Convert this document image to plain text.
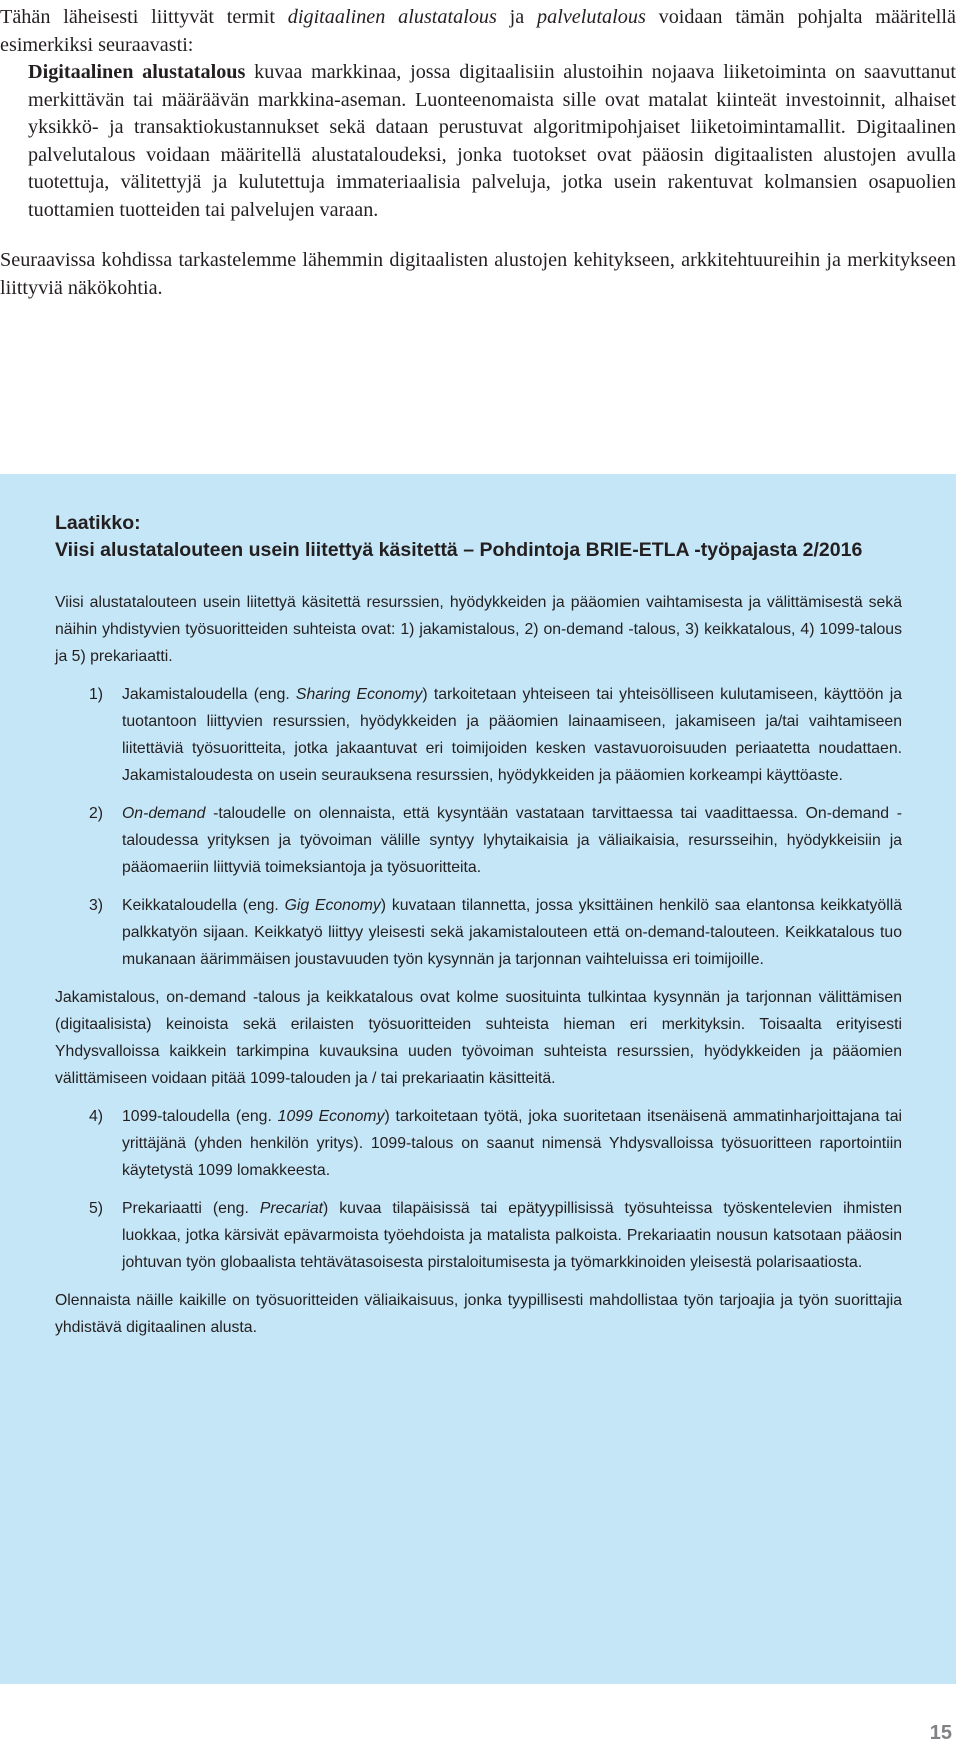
Tähän läheisesti liittyvät termit digitaalinen alustatalous ja palvelutalous voidaan tämän pohjalta määritellä esimerkiksi seuraavasti:

Digitaalinen alustatalous kuvaa markkinaa, jossa digitaalisiin alustoihin nojaava liiketoiminta on saavuttanut merkittävän tai määräävän markkina-aseman. Luonteenomaista sille ovat matalat kiinteät investoinnit, alhaiset yksikkö- ja transaktiokustannukset sekä dataan perustuvat algoritmipohjaiset liiketoimintamallit. Digitaalinen palvelutalous voidaan määritellä alustataloudeksi, jonka tuotokset ovat pääosin digitaalisten alustojen avulla tuotettuja, välitettyjä ja kulutettuja immateriaalisia palveluja, jotka usein rakentuvat kolmansien osapuolien tuottamien tuotteiden tai palvelujen varaan.

Seuraavissa kohdissa tarkastelemme lähemmin digitaalisten alustojen kehitykseen, arkkitehtuureihin ja merkitykseen liittyviä näkökohtia.

Laatikko:
Viisi alustatalouteen usein liitettyä käsitettä – Pohdintoja BRIE-ETLA -työpajasta 2/2016

Viisi alustatalouteen usein liitettyä käsitettä resurssien, hyödykkeiden ja pääomien vaihtamisesta ja välittämisestä sekä näihin yhdistyvien työsuoritteiden suhteista ovat: 1) jakamistalous, 2) on-demand -talous, 3) keikkatalous, 4) 1099-talous ja 5) prekariaatti.

1) Jakamistaloudella (eng. Sharing Economy) tarkoitetaan yhteiseen tai yhteisölliseen kulutamiseen, käyttöön ja tuotantoon liittyvien resurssien, hyödykkeiden ja pääomien lainaamiseen, jakamiseen ja/tai vaihtamiseen liitettäviä työsuoritteita, jotka jakaantuvat eri toimijoiden kesken vastavuoroisuuden periaatetta noudattaen. Jakamistaloudesta on usein seurauksena resurssien, hyödykkeiden ja pääomien korkeampi käyttöaste.
2) On-demand -taloudelle on olennaista, että kysyntään vastataan tarvittaessa tai vaadittaessa. On-demand -taloudessa yrityksen ja työvoiman välille syntyy lyhytaikaisia ja väliaikaisia, resursseihin, hyödykkeisiin ja pääomaeriin liittyviä toimeksiantoja ja työsuoritteita.
3) Keikkataloudella (eng. Gig Economy) kuvataan tilannetta, jossa yksittäinen henkilö saa elantonsa keikkatyöllä palkkatyön sijaan. Keikkatyö liittyy yleisesti sekä jakamistalouteen että on-demand-talouteen. Keikkatalous tuo mukanaan äärimmäisen joustavuuden työn kysynnän ja tarjonnan vaihteluissa eri toimijoille.

Jakamistalous, on-demand -talous ja keikkatalous ovat kolme suosituinta tulkintaa kysynnän ja tarjonnan välittämisen (digitaalisista) keinoista sekä erilaisten työsuoritteiden suhteista hieman eri merkityksin. Toisaalta erityisesti Yhdysvalloissa kaikkein tarkimpina kuvauksina uuden työvoiman suhteista resurssien, hyödykkeiden ja pääomien välittämiseen voidaan pitää 1099-talouden ja / tai prekariaatin käsitteitä.

4) 1099-taloudella (eng. 1099 Economy) tarkoitetaan työtä, joka suoritetaan itsenäisenä ammatinharjoittajana tai yrittäjänä (yhden henkilön yritys). 1099-talous on saanut nimensä Yhdysvalloissa työsuoritteen raportointiin käytetystä 1099 lomakkeesta.
5) Prekariaatti (eng. Precariat) kuvaa tilapäisissä tai epätyypillisissä työsuhteissa työskentelevien ihmisten luokkaa, jotka kärsivät epävarmoista työehdoista ja matalista palkoista. Prekariaatin nousun katsotaan pääosin johtuvan työn globaalista tehtävätasoisesta pirstaloitumisesta ja työmarkkinoiden yleisestä polarisaatiosta.

Olennaista näille kaikille on työsuoritteiden väliaikaisuus, jonka tyypillisesti mahdollistaa työn tarjoajia ja työn suorittajia yhdistävä digitaalinen alusta.

15
